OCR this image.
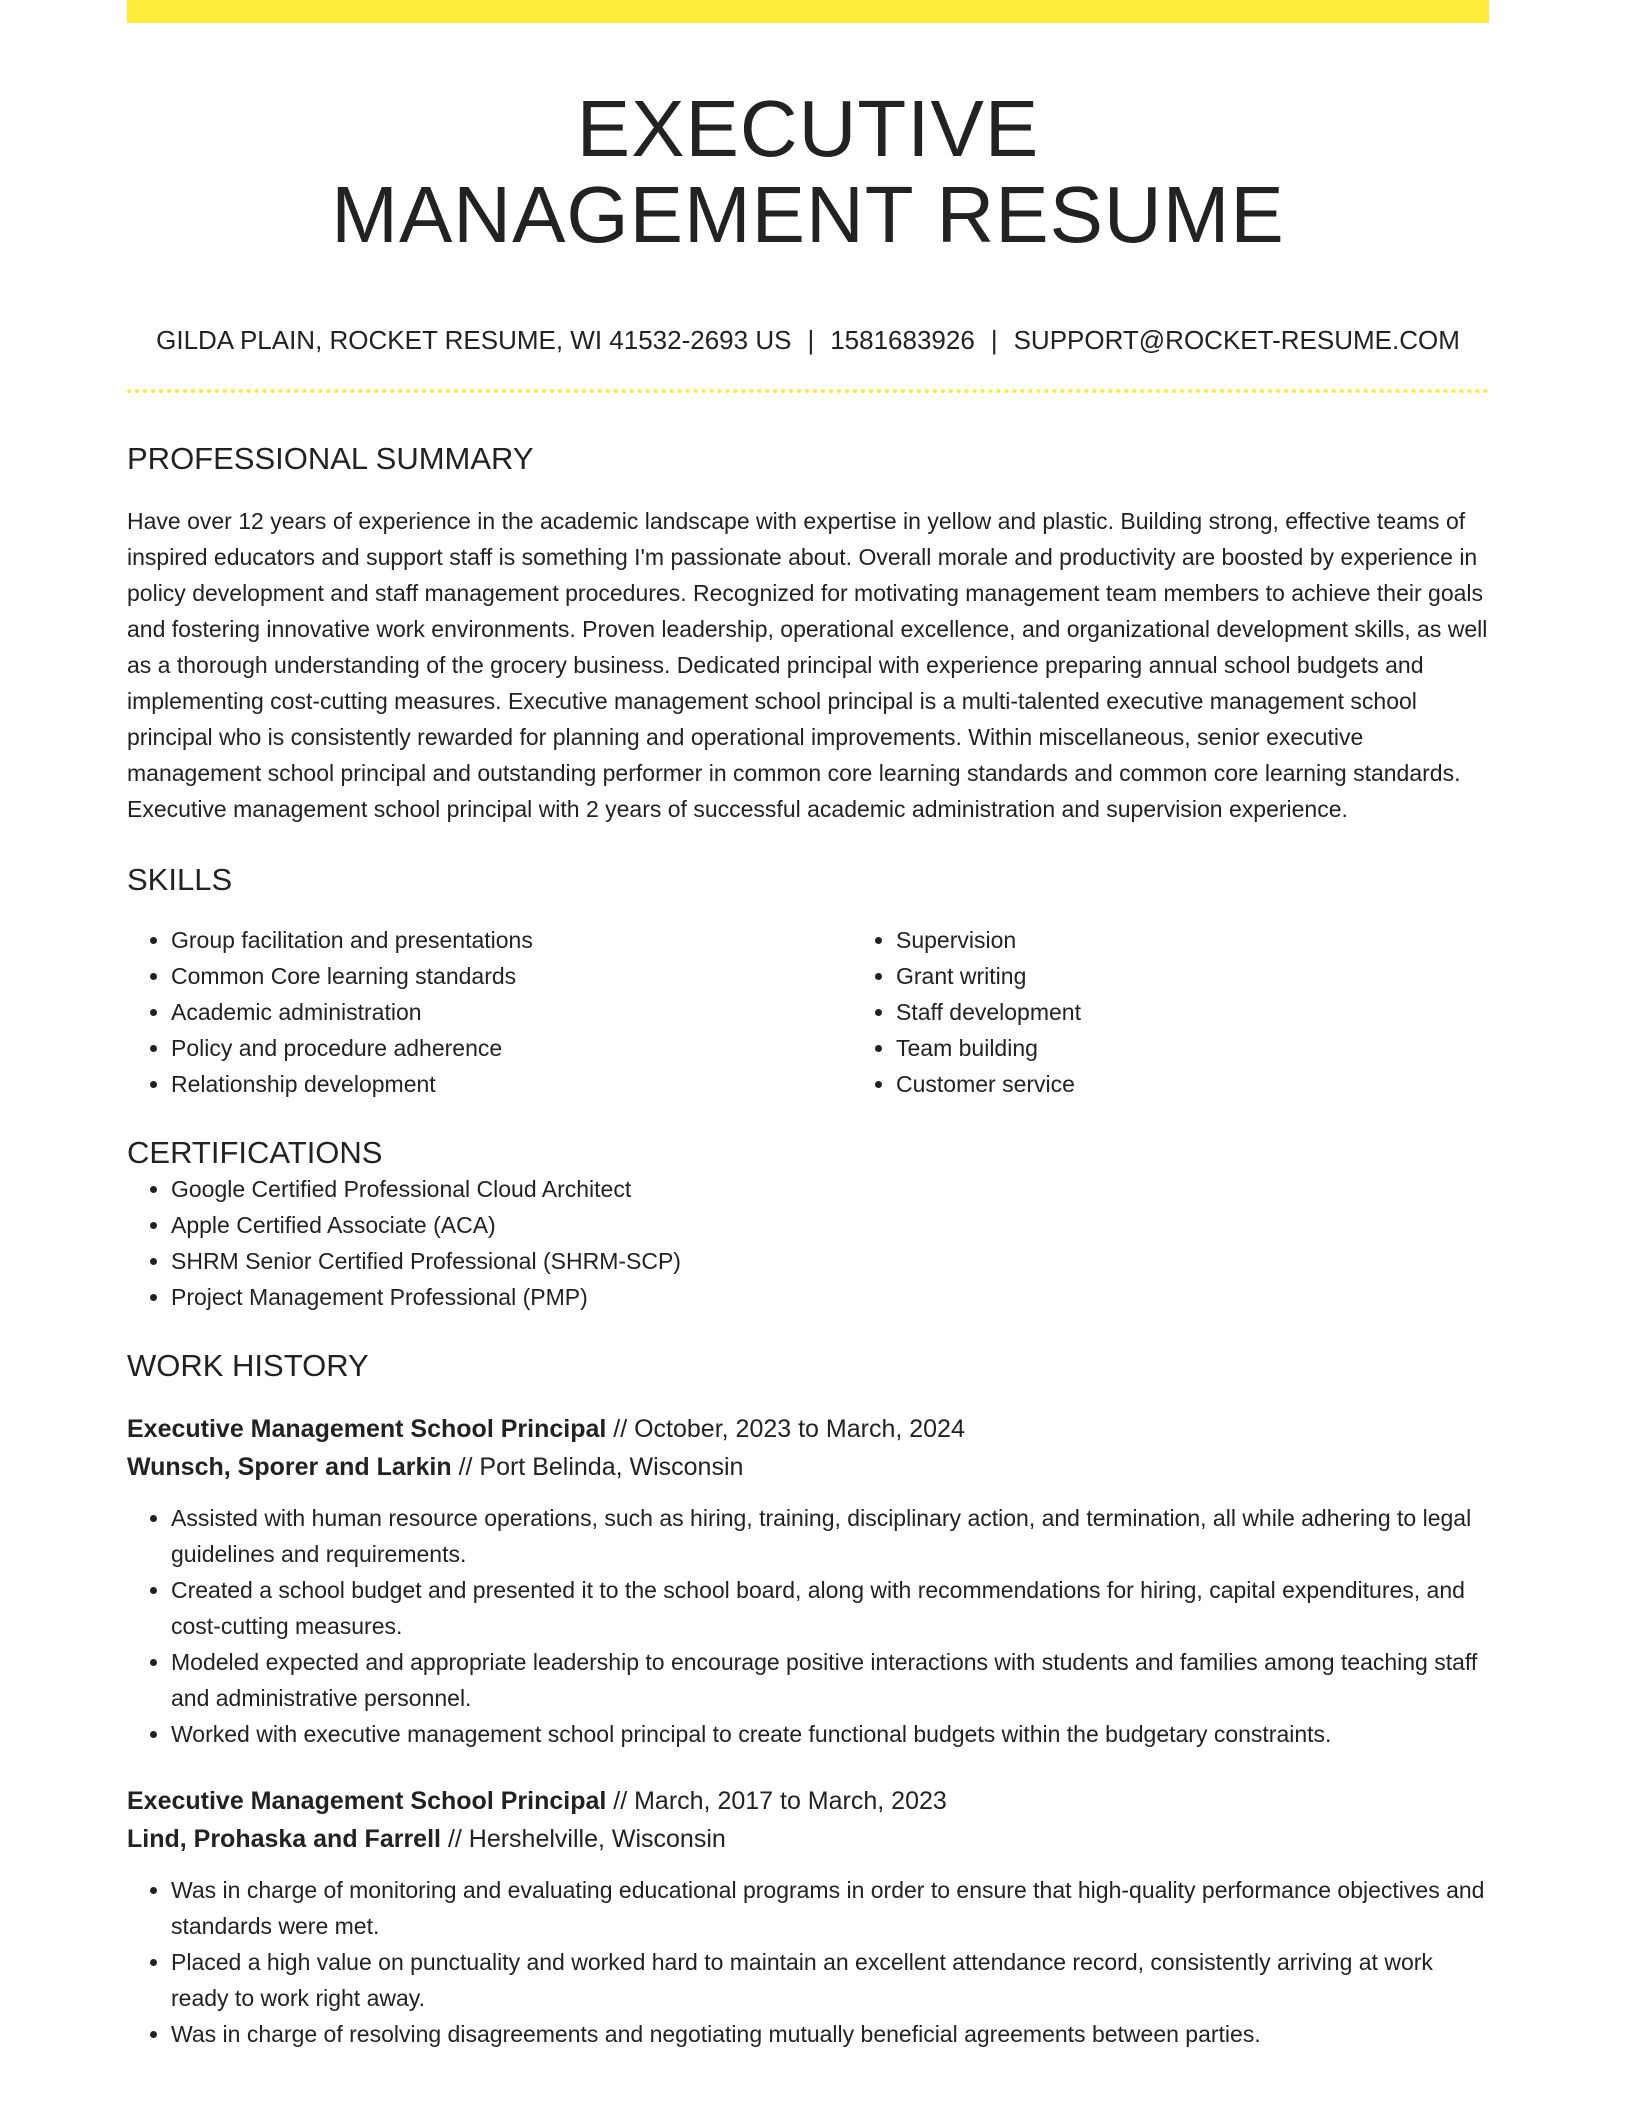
EXECUTIVE
MANAGEMENT RESUME
GILDA PLAIN, ROCKET RESUME, WI 41532-2693 US | 1581683926 | SUPPORT@ROCKET-RESUME.COM
PROFESSIONAL SUMMARY

Have over 12 years of experience in the academic landscape with expertise in yellow and plastic. Building strong, effective teams of inspired educators and support staff is something I'm passionate about. Overall morale and productivity are boosted by experience in policy development and staff management procedures. Recognized for motivating management team members to achieve their goals and fostering innovative work environments. Proven leadership, operational excellence, and organizational development skills, as well as a thorough understanding of the grocery business. Dedicated principal with experience preparing annual school budgets and implementing cost-cutting measures. Executive management school principal is a multi-talented executive management school principal who is consistently rewarded for planning and operational improvements. Within miscellaneous, senior executive management school principal and outstanding performer in common core learning standards and common core learning standards. Executive management school principal with 2 years of successful academic administration and supervision experience.

SKILLS
• Group facilitation and presentations
• Common Core learning standards
• Academic administration
• Policy and procedure adherence
• Relationship development
• Supervision
• Grant writing
• Staff development
• Team building
• Customer service
CERTIFICATIONS
• Google Certified Professional Cloud Architect
• Apple Certified Associate (ACA)
• SHRM Senior Certified Professional (SHRM-SCP)
• Project Management Professional (PMP)
WORK HISTORY
Executive Management School Principal // October, 2023 to March, 2024
Wunsch, Sporer and Larkin // Port Belinda, Wisconsin
• Assisted with human resource operations, such as hiring, training, disciplinary action, and termination, all while adhering to legal guidelines and requirements.
• Created a school budget and presented it to the school board, along with recommendations for hiring, capital expenditures, and cost-cutting measures.
• Modeled expected and appropriate leadership to encourage positive interactions with students and families among teaching staff and administrative personnel.
• Worked with executive management school principal to create functional budgets within the budgetary constraints.
Executive Management School Principal // March, 2017 to March, 2023
Lind, Prohaska and Farrell // Hershelville, Wisconsin
• Was in charge of monitoring and evaluating educational programs in order to ensure that high-quality performance objectives and standards were met.
• Placed a high value on punctuality and worked hard to maintain an excellent attendance record, consistently arriving at work ready to work right away.
• Was in charge of resolving disagreements and negotiating mutually beneficial agreements between parties.
